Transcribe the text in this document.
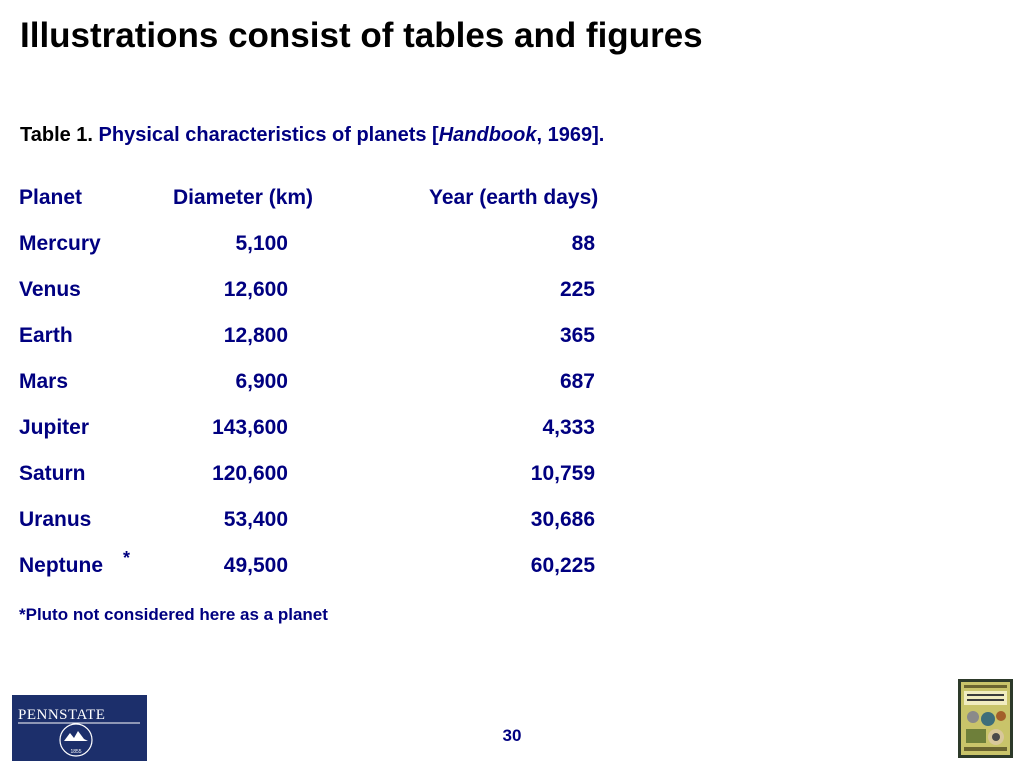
Illustrations consist of tables and figures
Table 1. Physical characteristics of planets [Handbook, 1969].
Planet	Diameter (km)	Year (earth days)
Mercury	5,100	88
Venus	12,600	225
Earth	12,800	365
Mars	6,900	687
Jupiter	143,600	4,333
Saturn	120,600	10,759
Uranus	53,400	30,686
Neptune	49,500	60,225
*
*Pluto not considered here as a planet
30
PENNSTATE
1855
